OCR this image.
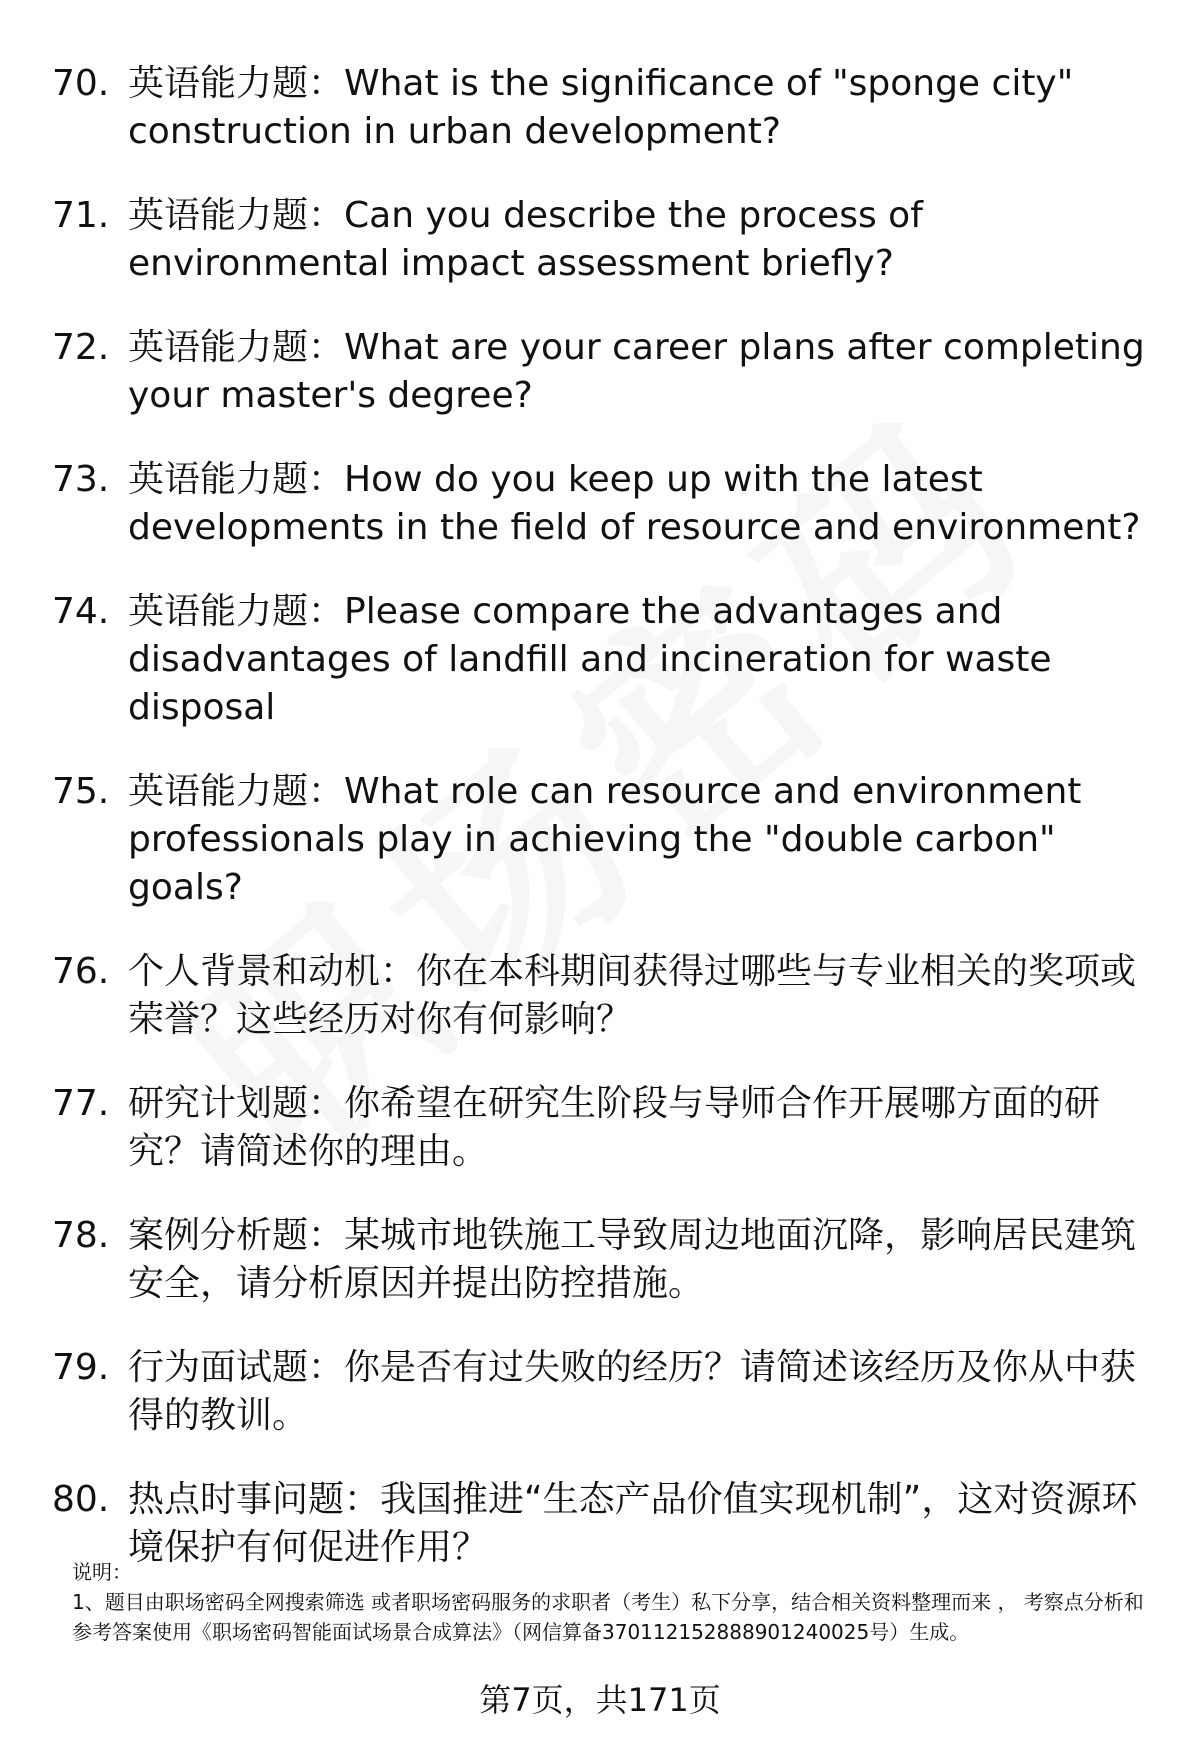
70. 英语能力题：What is the significance of "sponge city" construction in urban development?
71. 英语能力题：Can you describe the process of environmental impact assessment briefly?
72. 英语能力题：What are your career plans after completing your master's degree?
73. 英语能力题：How do you keep up with the latest developments in the field of resource and environment?
74. 英语能力题：Please compare the advantages and disadvantages of landfill and incineration for waste disposal
75. 英语能力题：What role can resource and environment professionals play in achieving the "double carbon" goals?
76. 个人背景和动机：你在本科期间获得过哪些与专业相关的奖项或荣誉？这些经历对你有何影响？
77. 研究计划题：你希望在研究生阶段与导师合作开展哪方面的研究？请简述你的理由。
78. 案例分析题：某城市地铁施工导致周边地面沉降，影响居民建筑安全，请分析原因并提出防控措施。
79. 行为面试题：你是否有过失败的经历？请简述该经历及你从中获得的教训。
80. 热点时事问题：我国推进“生态产品价值实现机制”，这对资源环境保护有何促进作用？
说明：
1、题目由职场密码全网搜索筛选 或者职场密码服务的求职者（考生）私下分享，结合相关资料整理而来 ， 考察点分析和参考答案使用《职场密码智能面试场景合成算法》（网信算备3701121528889012400​25号）生成。
第7页，共171页
